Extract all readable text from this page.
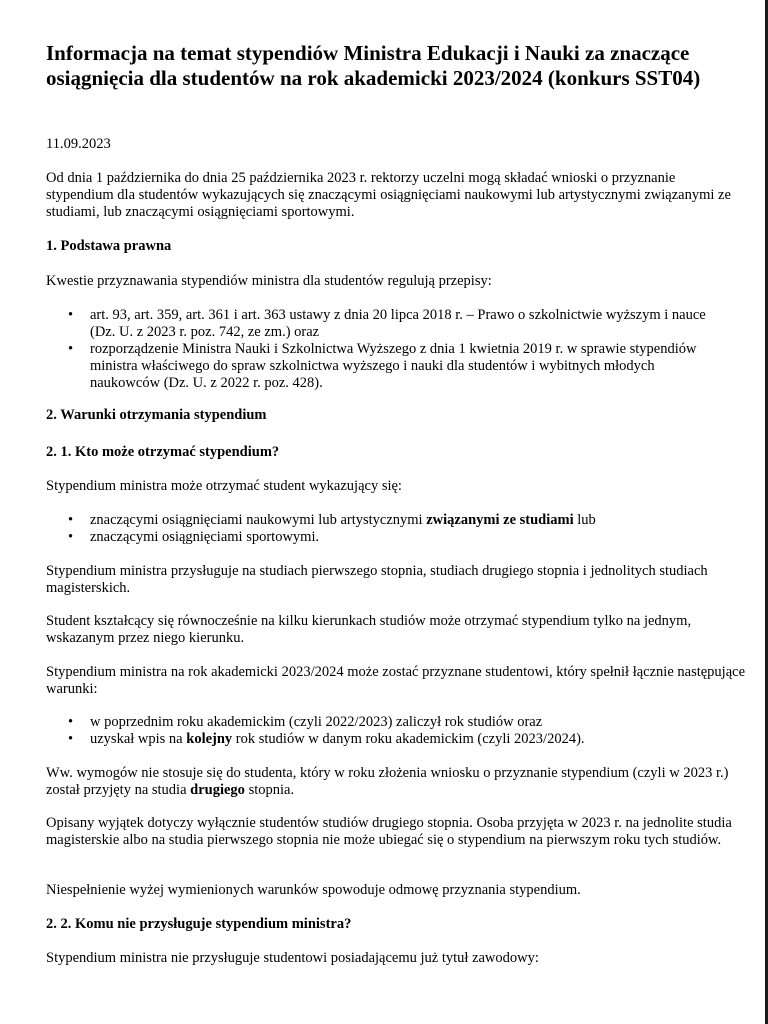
Informacja na temat stypendiów Ministra Edukacji i Nauki za znaczące osiągnięcia dla studentów na rok akademicki 2023/2024 (konkurs SST04)

11.09.2023

Od dnia 1 października do dnia 25 października 2023 r. rektorzy uczelni mogą składać wnioski o przyznanie stypendium dla studentów wykazujących się znaczącymi osiągnięciami naukowymi lub artystycznymi związanymi ze studiami, lub znaczącymi osiągnięciami sportowymi.

1. Podstawa prawna

Kwestie przyznawania stypendiów ministra dla studentów regulują przepisy:

• art. 93, art. 359, art. 361 i art. 363 ustawy z dnia 20 lipca 2018 r. – Prawo o szkolnictwie wyższym i nauce (Dz. U. z 2023 r. poz. 742, ze zm.) oraz
• rozporządzenie Ministra Nauki i Szkolnictwa Wyższego z dnia 1 kwietnia 2019 r. w sprawie stypendiów ministra właściwego do spraw szkolnictwa wyższego i nauki dla studentów i wybitnych młodych naukowców (Dz. U. z 2022 r. poz. 428).
2. Warunki otrzymania stypendium
2. 1. Kto może otrzymać stypendium?

Stypendium ministra może otrzymać student wykazujący się:

• znaczącymi osiągnięciami naukowymi lub artystycznymi związanymi ze studiami lub
• znaczącymi osiągnięciami sportowymi.

Stypendium ministra przysługuje na studiach pierwszego stopnia, studiach drugiego stopnia i jednolitych studiach magisterskich.

Student kształcący się równocześnie na kilku kierunkach studiów może otrzymać stypendium tylko na jednym, wskazanym przez niego kierunku.

Stypendium ministra na rok akademicki 2023/2024 może zostać przyznane studentowi, który spełnił łącznie następujące warunki:

• w poprzednim roku akademickim (czyli 2022/2023) zaliczył rok studiów oraz
• uzyskał wpis na kolejny rok studiów w danym roku akademickim (czyli 2023/2024).

Ww. wymogów nie stosuje się do studenta, który w roku złożenia wniosku o przyznanie stypendium (czyli w 2023 r.) został przyjęty na studia drugiego stopnia.

Opisany wyjątek dotyczy wyłącznie studentów studiów drugiego stopnia. Osoba przyjęta w 2023 r. na jednolite studia magisterskie albo na studia pierwszego stopnia nie może ubiegać się o stypendium na pierwszym roku tych studiów.

Niespełnienie wyżej wymienionych warunków spowoduje odmowę przyznania stypendium.

2. 2. Komu nie przysługuje stypendium ministra?

Stypendium ministra nie przysługuje studentowi posiadającemu już tytuł zawodowy:
